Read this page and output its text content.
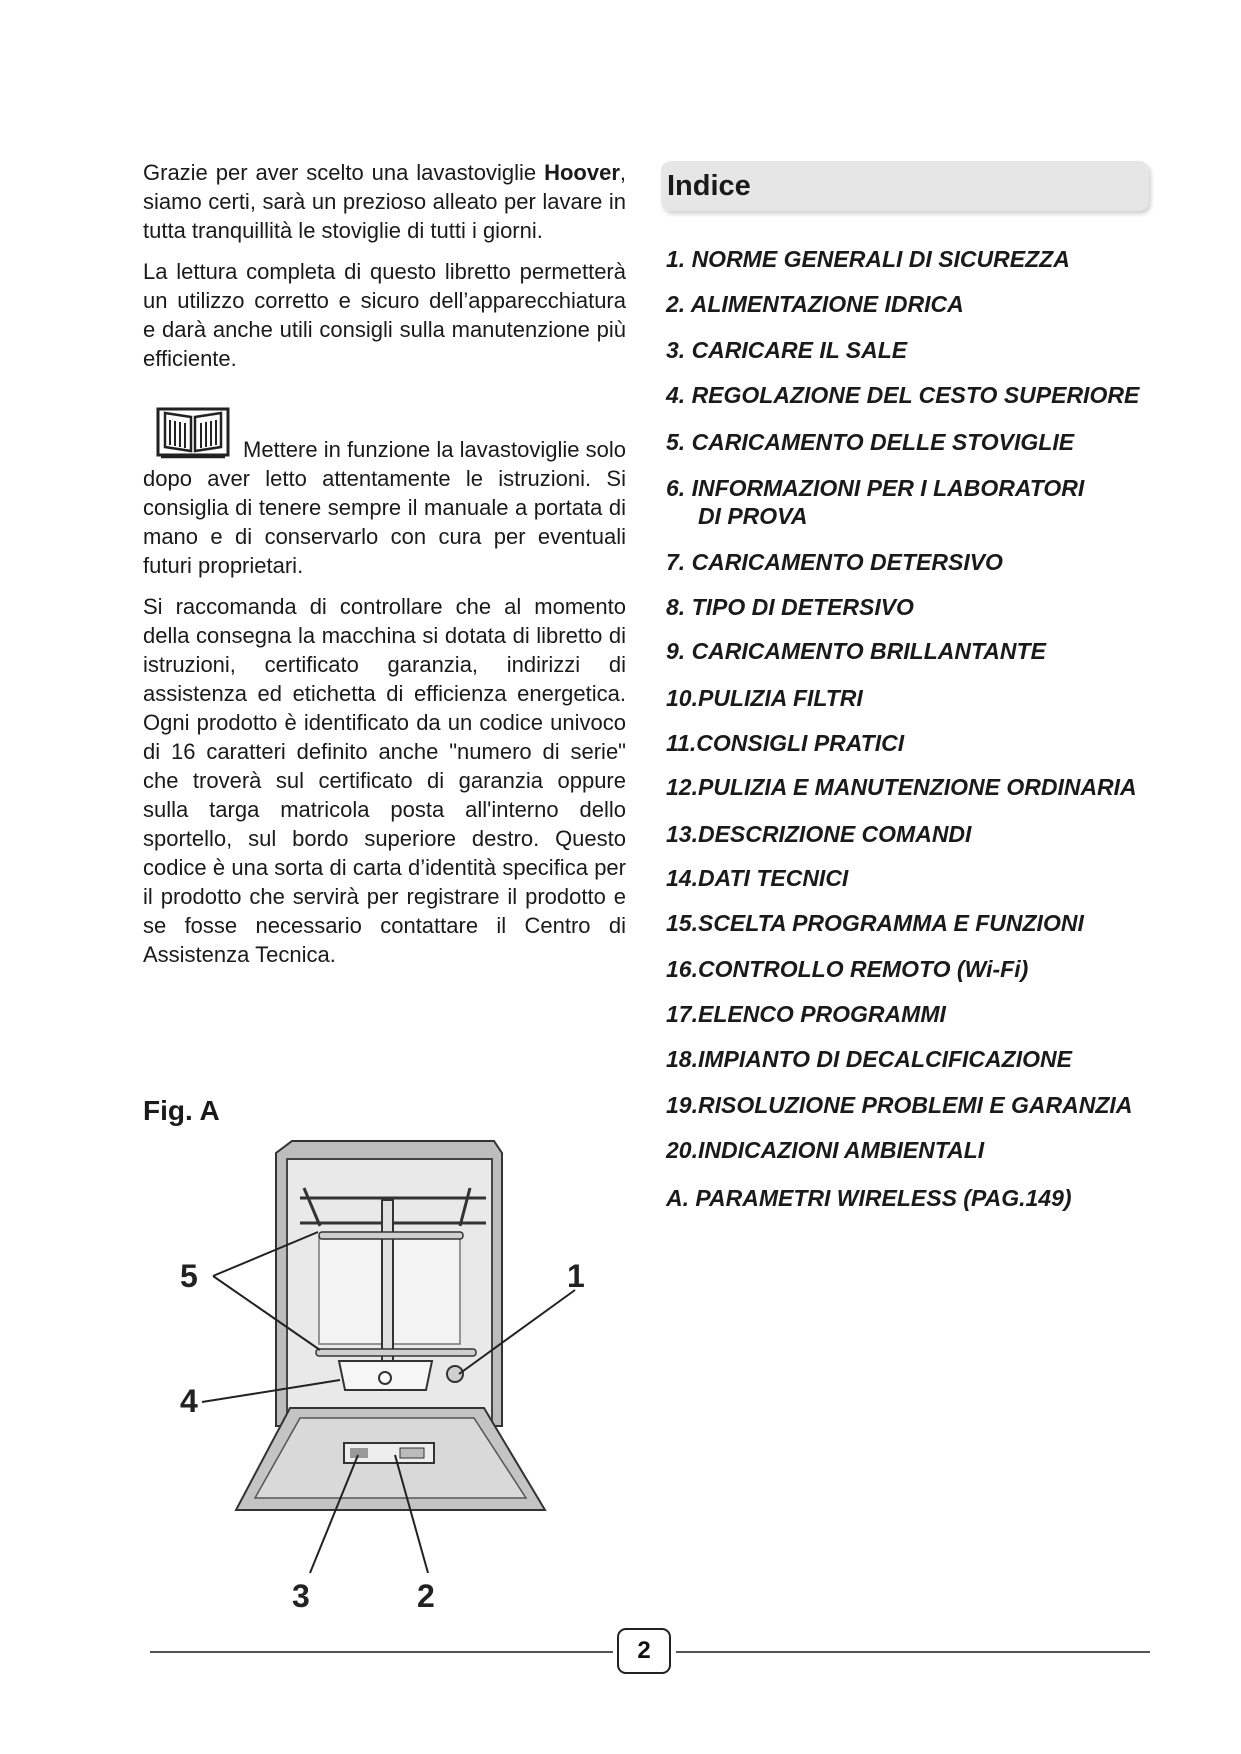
Grazie per aver scelto una lavastoviglie Hoover, siamo certi, sarà un prezioso alleato per lavare in tutta tranquillità le stoviglie di tutti i giorni.

La lettura completa di questo libretto permetterà un utilizzo corretto e sicuro dell’apparecchiatura e darà anche utili consigli sulla manutenzione più efficiente.

Mettere in funzione la lavastoviglie solo dopo aver letto attentamente le istruzioni. Si consiglia di tenere sempre il manuale a portata di mano e di conservarlo con cura per eventuali futuri proprietari.

Si raccomanda di controllare che al momento della consegna la macchina si dotata di libretto di istruzioni, certificato garanzia, indirizzi di assistenza ed etichetta di efficienza energetica. Ogni prodotto è identificato da un codice univoco di 16 caratteri definito anche "numero di serie" che troverà sul certificato di garanzia oppure sulla targa matricola posta all'interno dello sportello, sul bordo superiore destro. Questo codice è una sorta di carta d’identità specifica per il prodotto che servirà per registrare il prodotto e se fosse necessario contattare il Centro di Assistenza Tecnica.

Fig. A
5	1
4
3	2
Indice
1. NORME GENERALI DI SICUREZZA
2. ALIMENTAZIONE IDRICA
3. CARICARE IL SALE
4. REGOLAZIONE DEL CESTO SUPERIORE
5. CARICAMENTO DELLE STOVIGLIE
6. INFORMAZIONI PER I LABORATORI
DI PROVA
7. CARICAMENTO DETERSIVO
8. TIPO DI DETERSIVO
9. CARICAMENTO BRILLANTANTE
10.PULIZIA FILTRI
11.CONSIGLI PRATICI
12.PULIZIA E MANUTENZIONE ORDINARIA
13.DESCRIZIONE COMANDI
14.DATI TECNICI
15.SCELTA PROGRAMMA E FUNZIONI
16.CONTROLLO REMOTO (Wi-Fi)
17.ELENCO PROGRAMMI
18.IMPIANTO DI DECALCIFICAZIONE
19.RISOLUZIONE PROBLEMI E GARANZIA
20.INDICAZIONI AMBIENTALI
A. PARAMETRI WIRELESS (PAG.149)
2
